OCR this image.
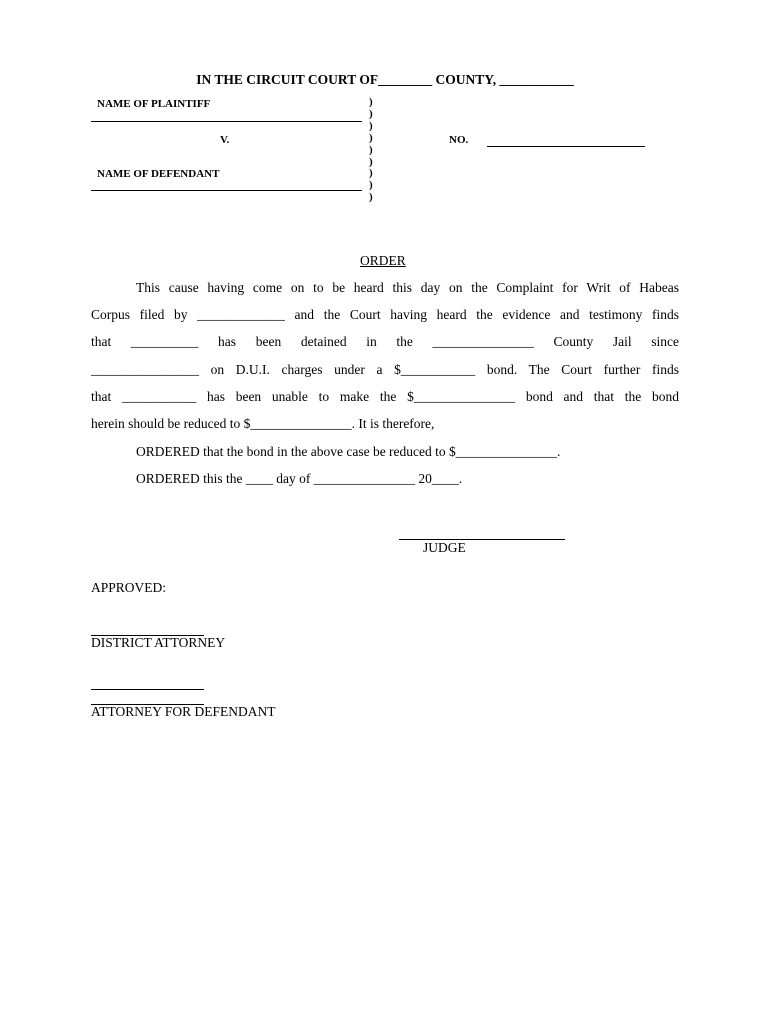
IN THE CIRCUIT COURT OF________ COUNTY, ___________
NAME OF PLAINTIFF
V.
NAME OF DEFENDANT
)
)
)
)
)
)
)
)
)
NO.
ORDER
This cause having come on to be heard this day on the Complaint for Writ of Habeas
Corpus filed by _____________ and the Court having heard the evidence and testimony finds
that __________ has been detained in the _______________ County Jail since
________________ on D.U.I. charges under a $___________ bond. The Court further finds
that ___________ has been unable to make the $_______________ bond and that the bond
herein should be reduced to $_______________. It is therefore,
ORDERED that the bond in the above case be reduced to $_______________.
ORDERED this the ____ day of _______________ 20____.
JUDGE
APPROVED:
DISTRICT ATTORNEY
ATTORNEY FOR DEFENDANT
